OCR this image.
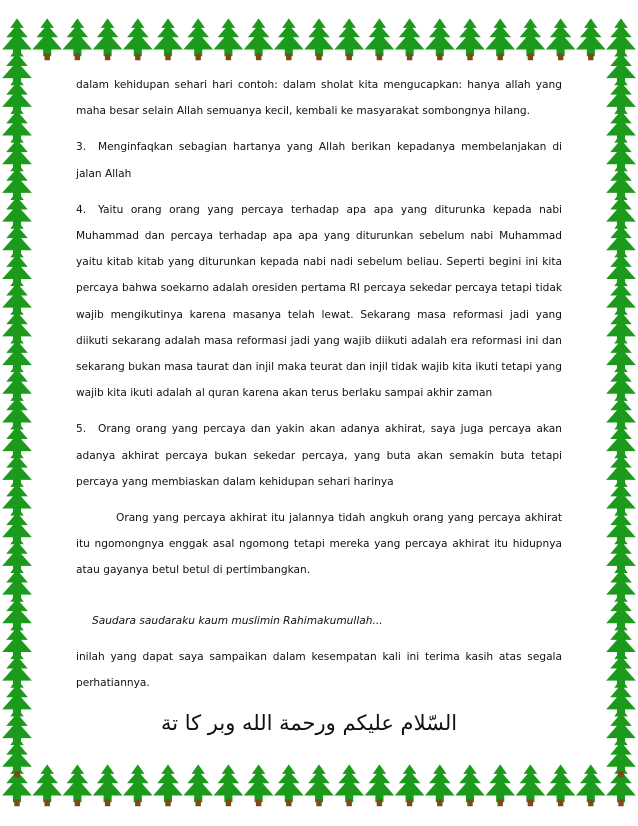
dalam kehidupan sehari hari contoh: dalam sholat kita mengucapkan: hanya allah yang maha besar selain Allah semuanya kecil, kembali ke masyarakat sombongnya hilang.

3. Menginfaqkan sebagian hartanya yang Allah berikan kepadanya membelanjakan di jalan Allah

4. Yaitu orang orang yang percaya terhadap apa apa yang diturunka kepada nabi Muhammad dan percaya terhadap apa apa yang diturunkan sebelum nabi Muhammad yaitu kitab kitab yang diturunkan kepada nabi nadi sebelum beliau. Seperti begini ini kita percaya bahwa soekarno adalah oresiden pertama RI percaya sekedar percaya tetapi tidak wajib mengikutinya karena masanya telah lewat. Sekarang masa reformasi jadi yang diikuti sekarang adalah masa reformasi jadi yang wajib diikuti adalah era reformasi ini dan sekarang bukan masa taurat dan injil maka teurat dan injil tidak wajib kita ikuti tetapi yang wajib kita ikuti adalah al quran karena akan terus berlaku sampai akhir zaman

5. Orang orang yang percaya dan yakin akan adanya akhirat, saya juga percaya akan adanya akhirat percaya bukan sekedar percaya, yang buta akan semakin buta tetapi percaya yang membiaskan dalam kehidupan sehari harinya

Orang yang percaya akhirat itu jalannya tidah angkuh orang yang percaya akhirat itu ngomongnya enggak asal ngomong tetapi mereka yang percaya akhirat itu hidupnya atau gayanya betul betul di pertimbangkan.

Saudara saudaraku kaum muslimin Rahimakumullah...

inilah yang dapat saya sampaikan dalam kesempatan kali ini terima kasih atas segala perhatiannya.

السّلام عليكم ورحمة الله وبر كا تة
